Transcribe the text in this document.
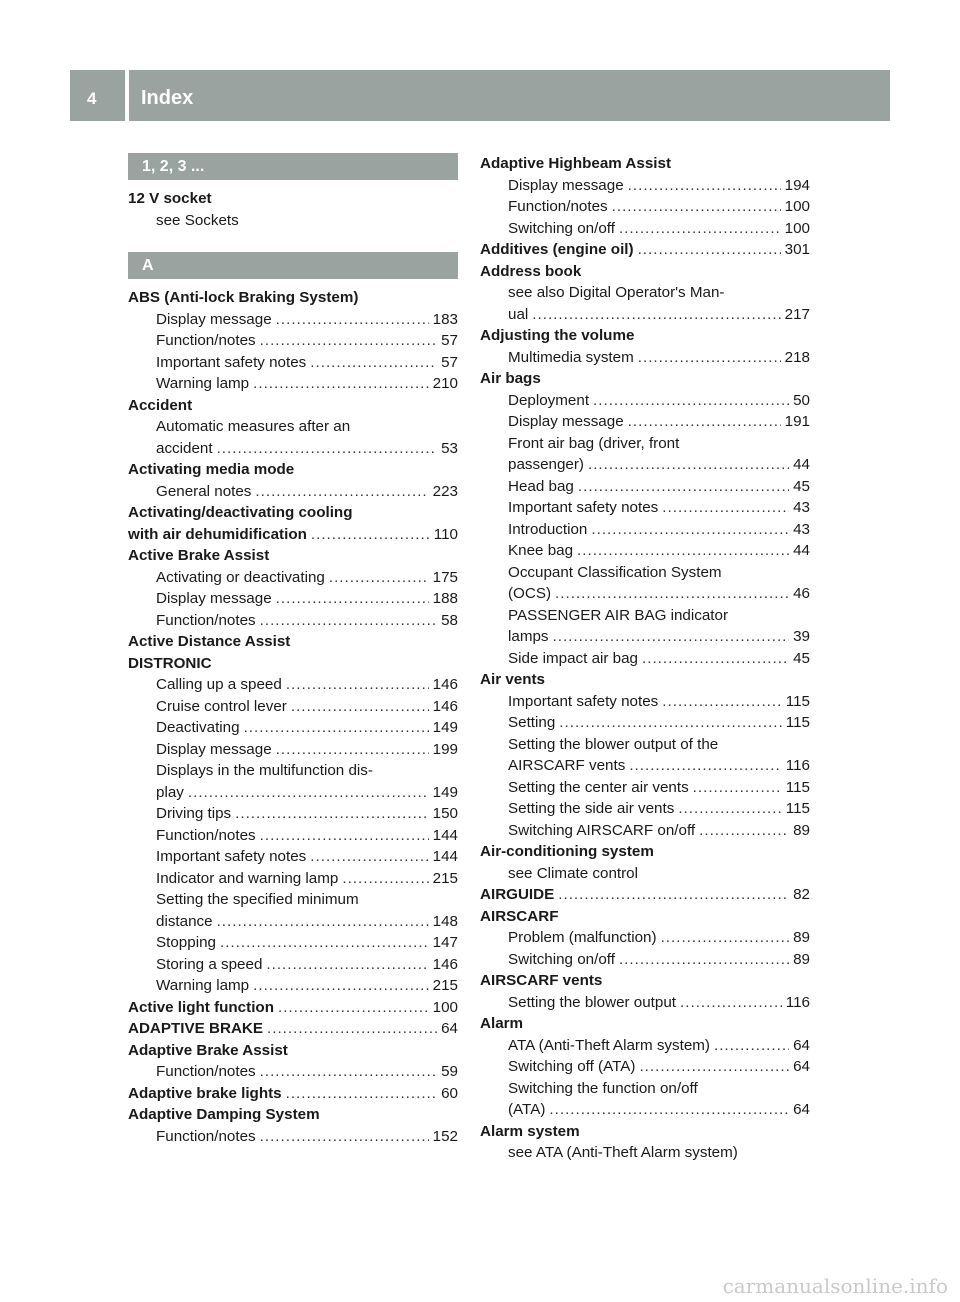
4 Index
1, 2, 3 ...
12 V socket
see Sockets
A
ABS (Anti-lock Braking System)
Display message .....	183
Function/notes .....	57
Important safety notes .....	57
Warning lamp .....	210
Accident
Automatic measures after an
accident .....	53
Activating media mode
General notes .....	223
Activating/deactivating cooling
with air dehumidification .....	110
Active Brake Assist
Activating or deactivating .....	175
Display message .....	188
Function/notes .....	58
Active Distance Assist
DISTRONIC
Calling up a speed .....	146
Cruise control lever .....	146
Deactivating .....	149
Display message .....	199
Displays in the multifunction dis-
play .....	149
Driving tips .....	150
Function/notes .....	144
Important safety notes .....	144
Indicator and warning lamp .....	215
Setting the specified minimum
distance .....	148
Stopping .....	147
Storing a speed .....	146
Warning lamp .....	215
Active light function .....	100
ADAPTIVE BRAKE .....	64
Adaptive Brake Assist
Function/notes .....	59
Adaptive brake lights .....	60
Adaptive Damping System
Function/notes .....	152
Adaptive Highbeam Assist
Display message .....	194
Function/notes .....	100
Switching on/off .....	100
Additives (engine oil) .....	301
Address book
see also Digital Operator's Man-
ual .....	217
Adjusting the volume
Multimedia system .....	218
Air bags
Deployment .....	50
Display message .....	191
Front air bag (driver, front
passenger) .....	44
Head bag .....	45
Important safety notes .....	43
Introduction .....	43
Knee bag .....	44
Occupant Classification System
(OCS) .....	46
PASSENGER AIR BAG indicator
lamps .....	39
Side impact air bag .....	45
Air vents
Important safety notes .....	115
Setting .....	115
Setting the blower output of the
AIRSCARF vents .....	116
Setting the center air vents .....	115
Setting the side air vents .....	115
Switching AIRSCARF on/off .....	89
Air-conditioning system
see Climate control
AIRGUIDE .....	82
AIRSCARF
Problem (malfunction) .....	89
Switching on/off .....	89
AIRSCARF vents
Setting the blower output .....	116
Alarm
ATA (Anti-Theft Alarm system) .....	64
Switching off (ATA) .....	64
Switching the function on/off
(ATA) .....	64
Alarm system
see ATA (Anti-Theft Alarm system)
carmanualsonline.info
